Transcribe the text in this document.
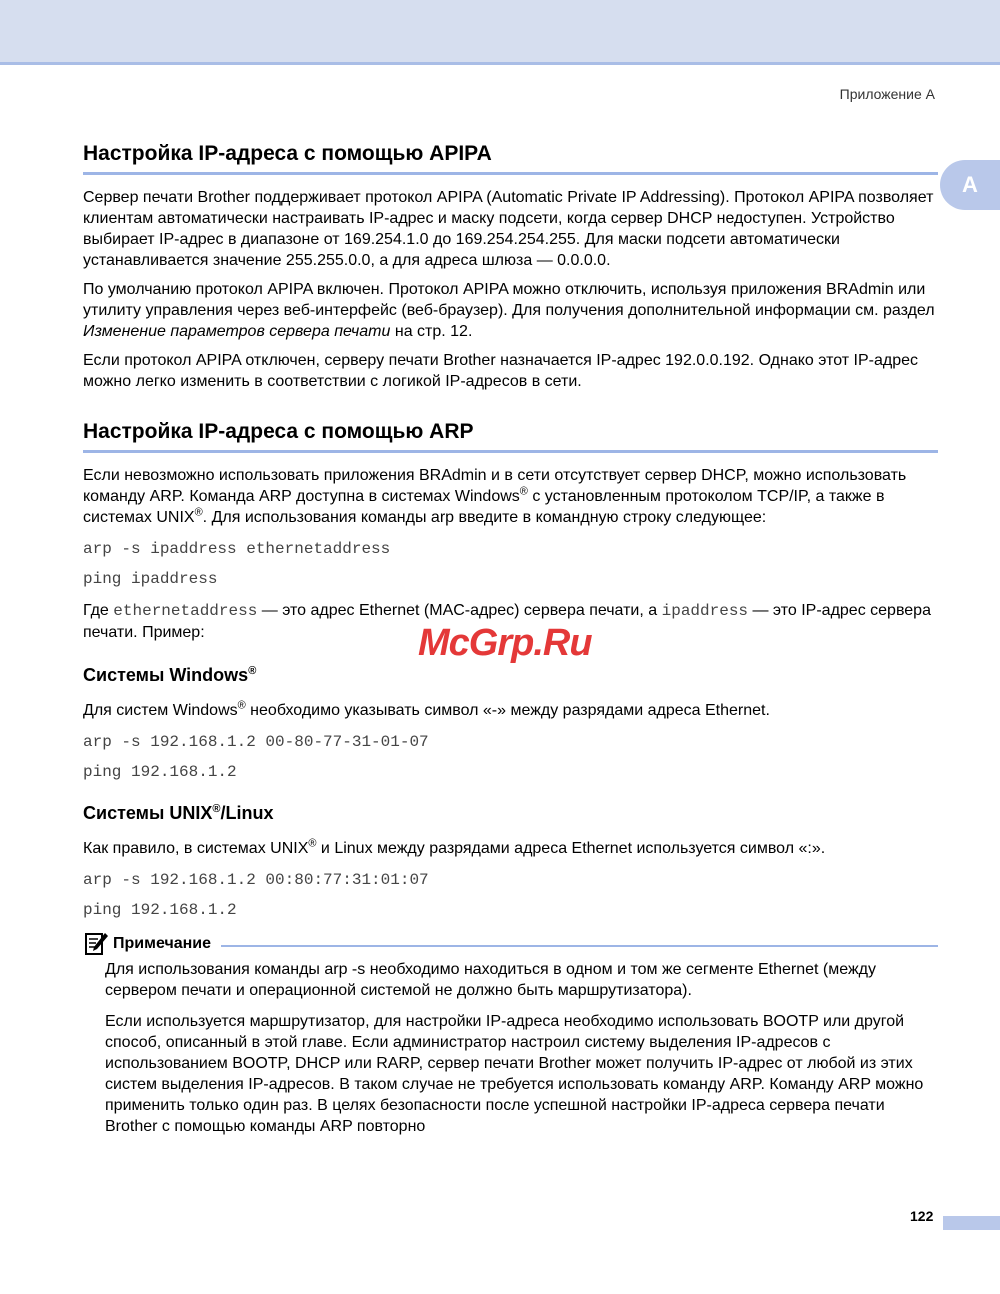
Приложение A
A
Настройка IP-адреса с помощью APIPA

Сервер печати Brother поддерживает протокол APIPA (Automatic Private IP Addressing). Протокол APIPA позволяет клиентам автоматически настраивать IP-адрес и маску подсети, когда сервер DHCP недоступен. Устройство выбирает IP-адрес в диапазоне от 169.254.1.0 до 169.254.254.255. Для маски подсети автоматически устанавливается значение 255.255.0.0, а для адреса шлюза — 0.0.0.0.

По умолчанию протокол APIPA включен. Протокол APIPA можно отключить, используя приложения BRAdmin или утилиту управления через веб-интерфейс (веб-браузер). Для получения дополнительной информации см. раздел Изменение параметров сервера печати на стр. 12.

Если протокол APIPA отключен, серверу печати Brother назначается IP-адрес 192.0.0.192. Однако этот IP-адрес можно легко изменить в соответствии с логикой IP-адресов в сети.

Настройка IP-адреса с помощью ARP

Если невозможно использовать приложения BRAdmin и в сети отсутствует сервер DHCP, можно использовать команду ARP. Команда ARP доступна в системах Windows® с установленным протоколом TCP/IP, а также в системах UNIX®. Для использования команды arp введите в командную строку следующее:

arp -s ipaddress ethernetaddress
ping ipaddress

Где ethernetaddress — это адрес Ethernet (MAC-адрес) сервера печати, а ipaddress — это IP-адрес сервера печати. Пример:

Системы Windows®

Для систем Windows® необходимо указывать символ «-» между разрядами адреса Ethernet.

arp -s 192.168.1.2 00-80-77-31-01-07
ping 192.168.1.2
Системы UNIX®/Linux

Как правило, в системах UNIX® и Linux между разрядами адреса Ethernet используется символ «:».

arp -s 192.168.1.2 00:80:77:31:01:07
ping 192.168.1.2
Примечание

Для использования команды arp -s необходимо находиться в одном и том же сегменте Ethernet (между сервером печати и операционной системой не должно быть маршрутизатора).

Если используется маршрутизатор, для настройки IP-адреса необходимо использовать BOOTP или другой способ, описанный в этой главе. Если администратор настроил систему выделения IP-адресов с использованием BOOTP, DHCP или RARP, сервер печати Brother может получить IP-адрес от любой из этих систем выделения IP-адресов. В таком случае не требуется использовать команду ARP. Команду ARP можно применить только один раз. В целях безопасности после успешной настройки IP-адреса сервера печати Brother с помощью команды ARP повторно

McGrp.Ru
122
